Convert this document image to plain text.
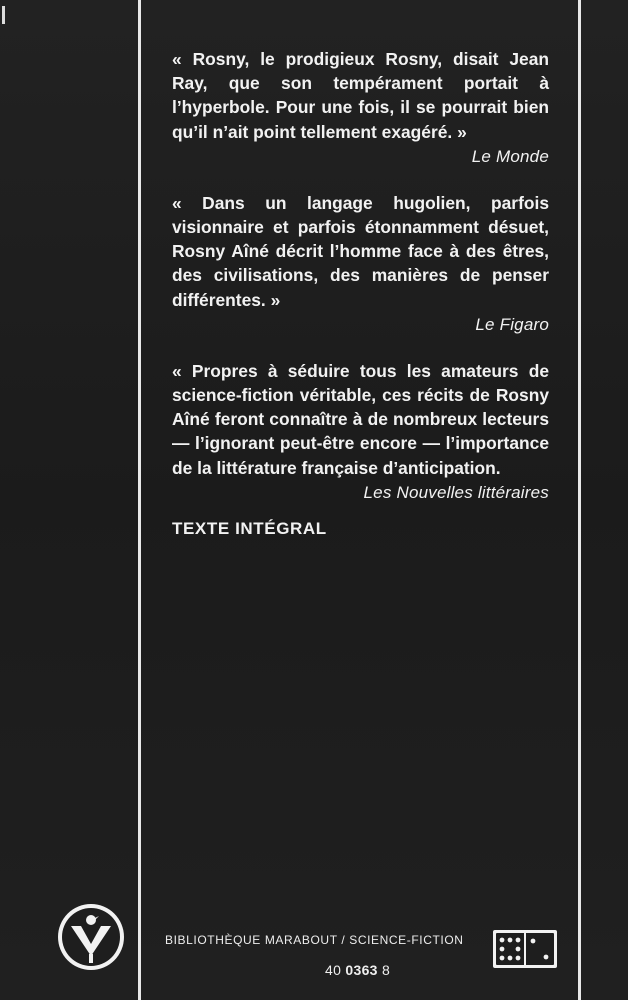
« Rosny, le prodigieux Rosny, disait Jean Ray, que son tempérament portait à l’hyperbole. Pour une fois, il se pourrait bien qu’il n’ait point tellement exagéré. »

Le Monde

« Dans un langage hugolien, parfois visionnaire et parfois étonnamment désuet, Rosny Aîné décrit l’homme face à des êtres, des civilisations, des manières de penser différentes. »

Le Figaro

« Propres à séduire tous les amateurs de science-fiction véritable, ces récits de Rosny Aîné feront connaître à de nombreux lecteurs — l’ignorant peut-être encore — l’importance de la littérature française d’anticipation.

Les Nouvelles littéraires
TEXTE INTÉGRAL
BIBLIOTHÈQUE MARABOUT / SCIENCE-FICTION
40 0363 8
